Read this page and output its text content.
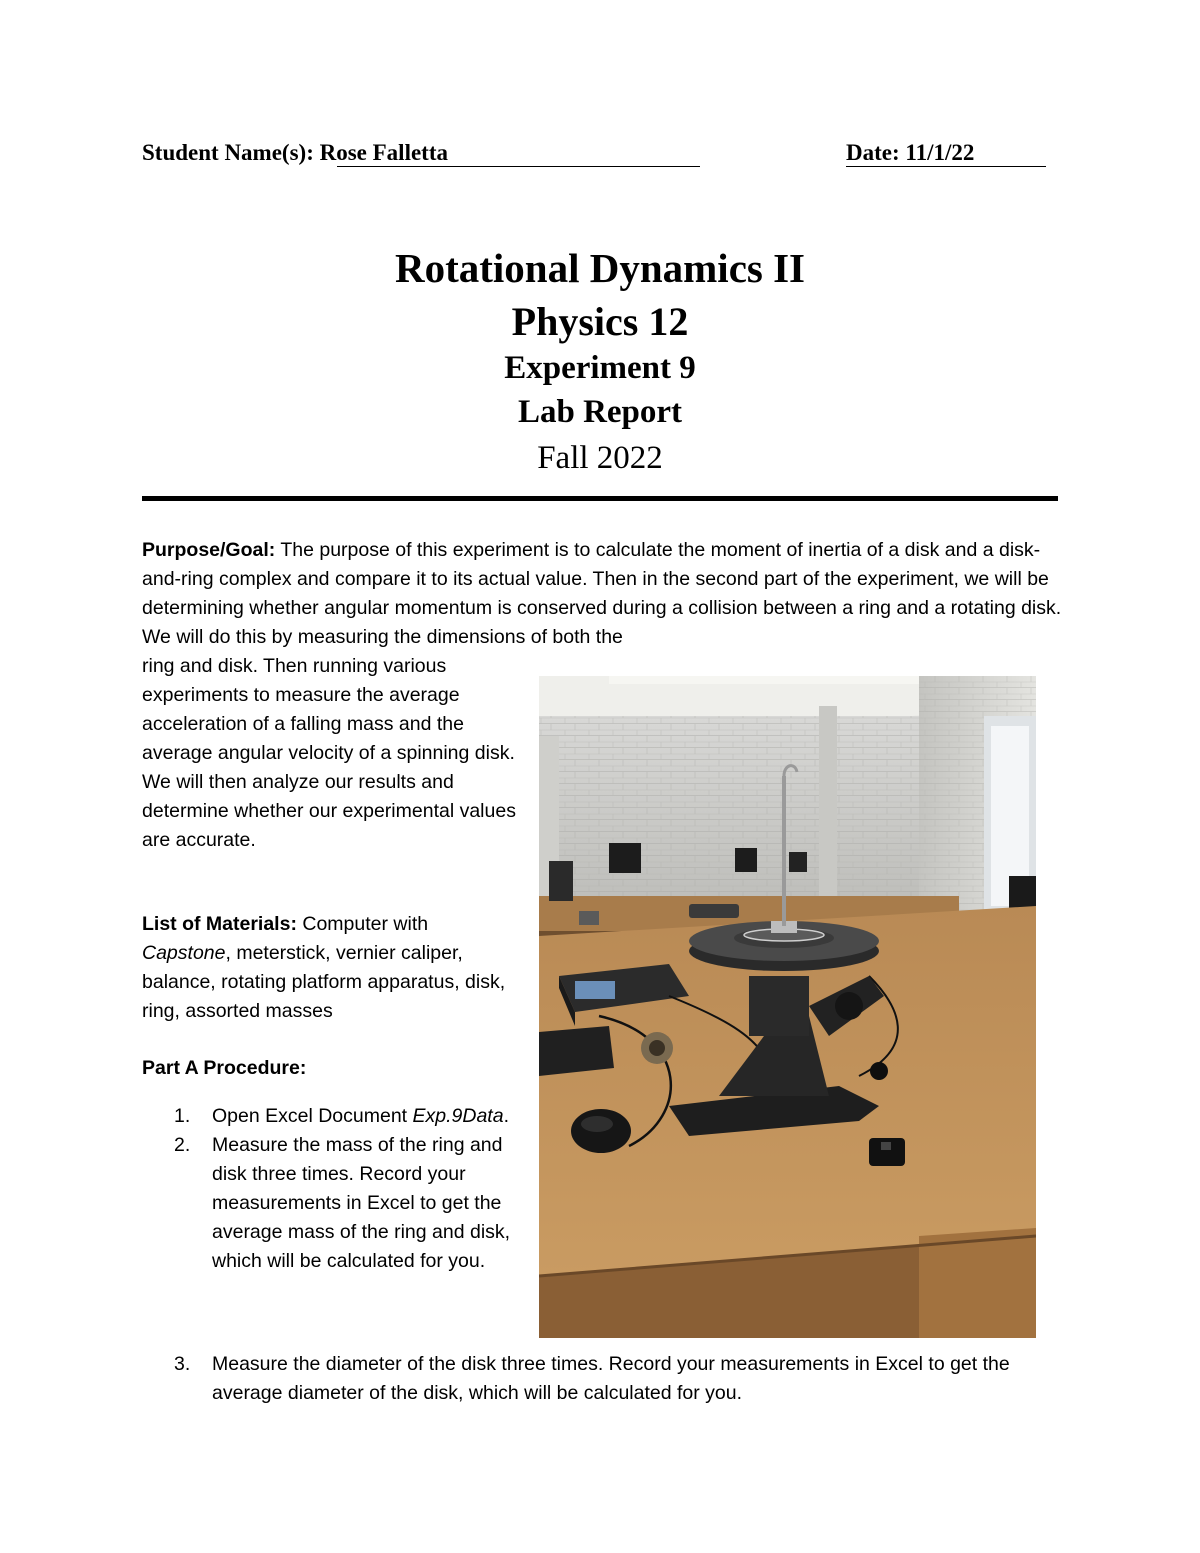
Student Name(s): Rose Falletta	Date: 11/1/22
Rotational Dynamics II
Physics 12
Experiment 9
Lab Report
Fall 2022
Purpose/Goal: The purpose of this experiment is to calculate the moment of inertia of a disk and a disk-and-ring complex and compare it to its actual value. Then in the second part of the experiment, we will be determining whether angular momentum is conserved during a collision between a ring and a rotating disk. We will do this by measuring the dimensions of both the
ring and disk. Then running various experiments to measure the average acceleration of a falling mass and the average angular velocity of a spinning disk. We will then analyze our results and determine whether our experimental values are accurate.
List of Materials: Computer with Capstone, meterstick, vernier caliper, balance, rotating platform apparatus, disk, ring, assorted masses
Part A Procedure:
1. Open Excel Document Exp.9Data.
2. Measure the mass of the ring and disk three times. Record your measurements in Excel to get the average mass of the ring and disk, which will be calculated for you.
3. Measure the diameter of the disk three times. Record your measurements in Excel to get the average diameter of the disk, which will be calculated for you.
